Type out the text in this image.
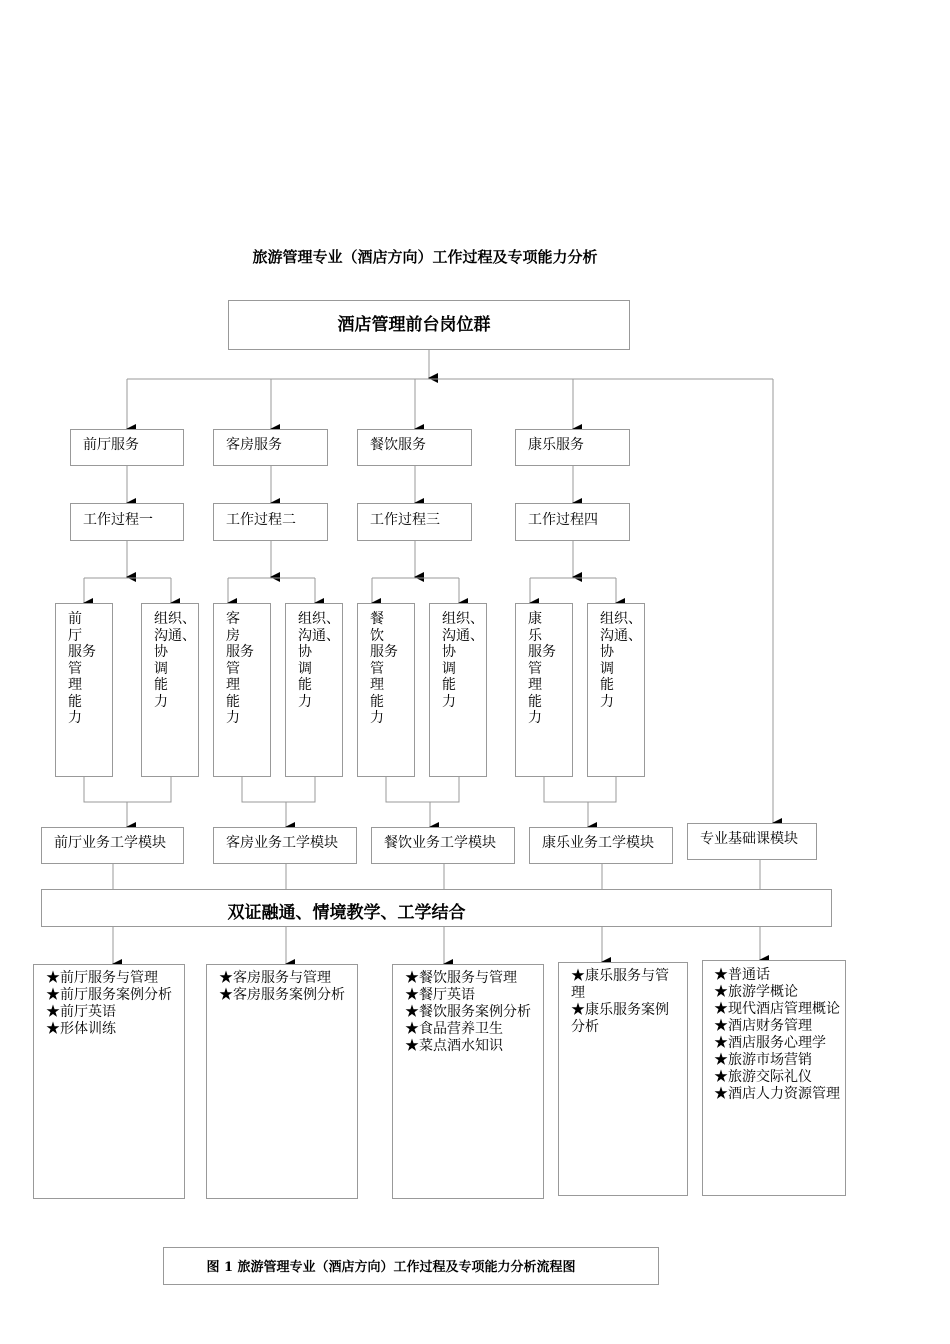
旅游管理专业（酒店方向）工作过程及专项能力分析
酒店管理前台岗位群
前厅服务	客房服务	餐饮服务	康乐服务
工作过程一	工作过程二	工作过程三	工作过程四
前
厅
服务
管
理
能
力
组织、
沟通、
协
调
能
力
客
房
服务
管
理
能
力
组织、
沟通、
协
调
能
力
餐
饮
服务
管
理
能
力
组织、
沟通、
协
调
能
力
康
乐
服务
管
理
能
力
组织、
沟通、
协
调
能
力
前厅业务工学模块	客房业务工学模块	餐饮业务工学模块	康乐业务工学模块	专业基础课模块
双证融通、情境教学、工学结合
★前厅服务与管理
★前厅服务案例分析
★前厅英语
★形体训练
★客房服务与管理
★客房服务案例分析
★餐饮服务与管理
★餐厅英语
★餐饮服务案例分析
★食品营养卫生
★菜点酒水知识
★康乐服务与管理
★康乐服务案例分析
★普通话
★旅游学概论
★现代酒店管理概论
★酒店财务管理
★酒店服务心理学
★旅游市场营销
★旅游交际礼仪
★酒店人力资源管理
图 1 旅游管理专业（酒店方向）工作过程及专项能力分析流程图
